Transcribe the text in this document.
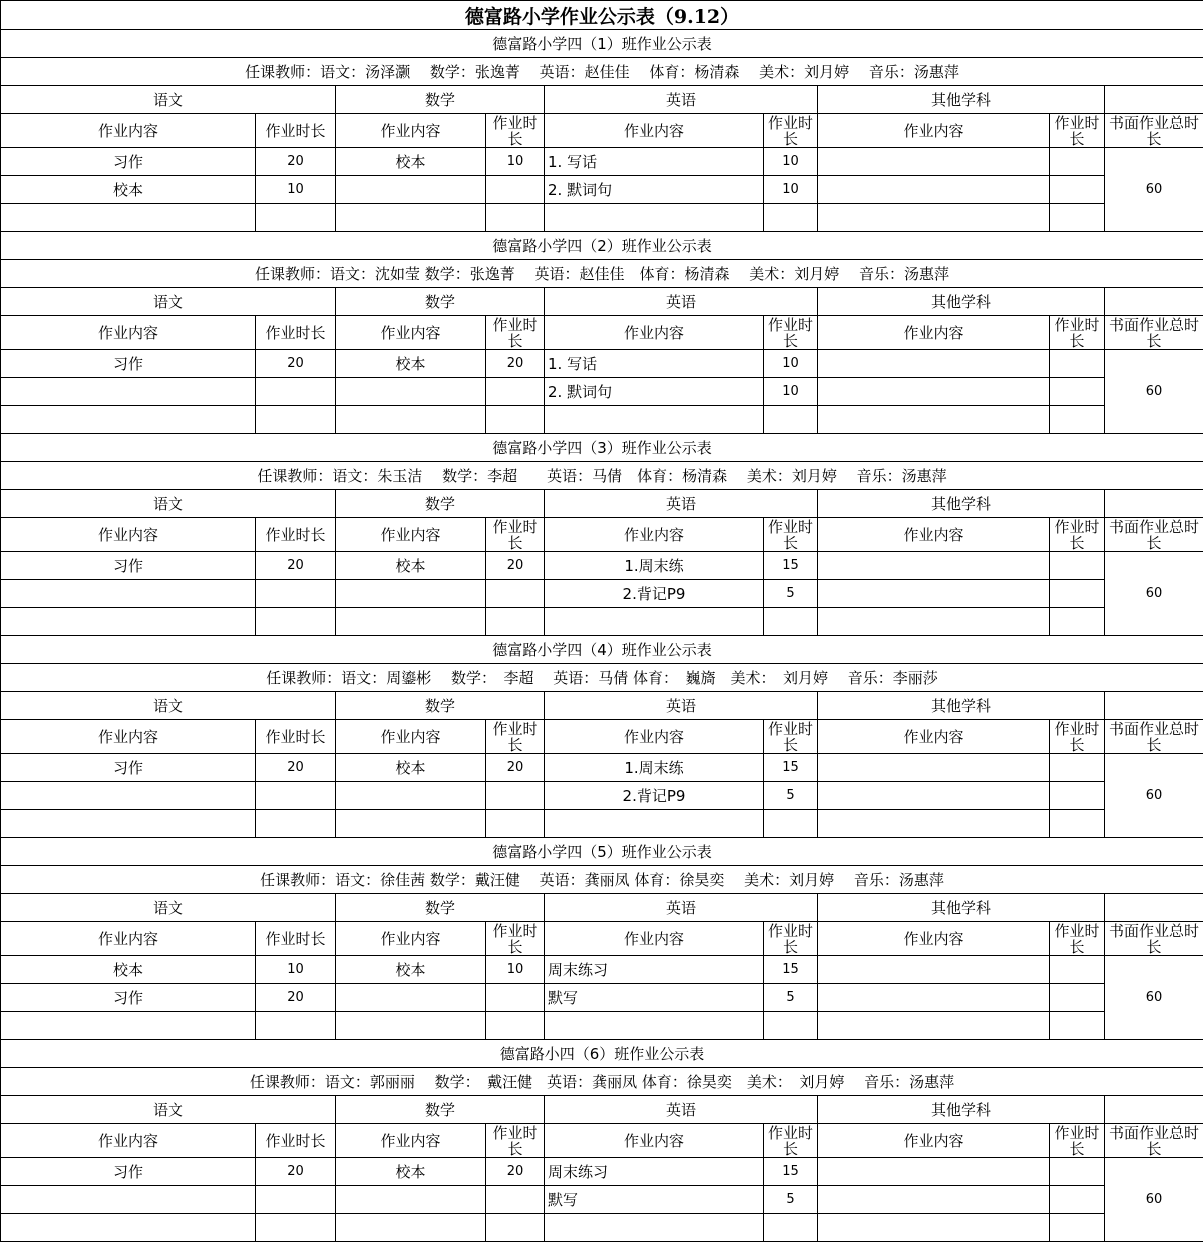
德富路小学作业公示表（9.12）								
德富路小学四（1）班作业公示表								
任课教师：语文：汤泽灏　 数学：张逸菁　 英语：赵佳佳　 体育：杨清森　 美术：刘月婷　 音乐：汤惠萍								
语文		数学		英语		其他学科		
作业内容	作业时长	作业内容	作业时长	作业内容	作业时长	作业内容	作业时长	书面作业总时长
习作	20	校本	10	1. 写话	10			60
校本	10			2. 默词句	10			

德富路小学四（2）班作业公示表								
任课教师：语文：沈如莹 数学：张逸菁　 英语：赵佳佳　体育：杨清森　 美术：刘月婷　 音乐：汤惠萍								
语文		数学		英语		其他学科		
作业内容	作业时长	作业内容	作业时长	作业内容	作业时长	作业内容	作业时长	书面作业总时长
习作	20	校本	20	1. 写话	10			60
				2. 默词句	10			

德富路小学四（3）班作业公示表								
任课教师：语文：朱玉洁　 数学：李超　　英语：马倩　体育：杨清森　 美术：刘月婷　 音乐：汤惠萍								
语文		数学		英语		其他学科		
作业内容	作业时长	作业内容	作业时长	作业内容	作业时长	作业内容	作业时长	书面作业总时长
习作	20	校本	20	1.周末练	15			60
				2.背记P9	5			

德富路小学四（4）班作业公示表								
任课教师：语文：周鎏彬　 数学：　李超　 英语：马倩 体育：　巍旖　美术：　刘月婷　 音乐：李丽莎								
语文		数学		英语		其他学科		
作业内容	作业时长	作业内容	作业时长	作业内容	作业时长	作业内容	作业时长	书面作业总时长
习作	20	校本	20	1.周末练	15			60
				2.背记P9	5			

德富路小学四（5）班作业公示表								
任课教师：语文：徐佳茜 数学：戴汪健　 英语：龚丽凤 体育：徐昊奕　 美术：刘月婷　 音乐：汤惠萍								
语文		数学		英语		其他学科		
作业内容	作业时长	作业内容	作业时长	作业内容	作业时长	作业内容	作业时长	书面作业总时长
校本	10	校本	10	周末练习	15			60
习作	20			默写	5			

德富路小四（6）班作业公示表								
任课教师：语文：郭丽丽　 数学：　戴汪健　英语：龚丽凤 体育：徐昊奕　美术：　刘月婷　 音乐：汤惠萍								
语文		数学		英语		其他学科		
作业内容	作业时长	作业内容	作业时长	作业内容	作业时长	作业内容	作业时长	书面作业总时长
习作	20	校本	20	周末练习	15			60
				默写	5			
